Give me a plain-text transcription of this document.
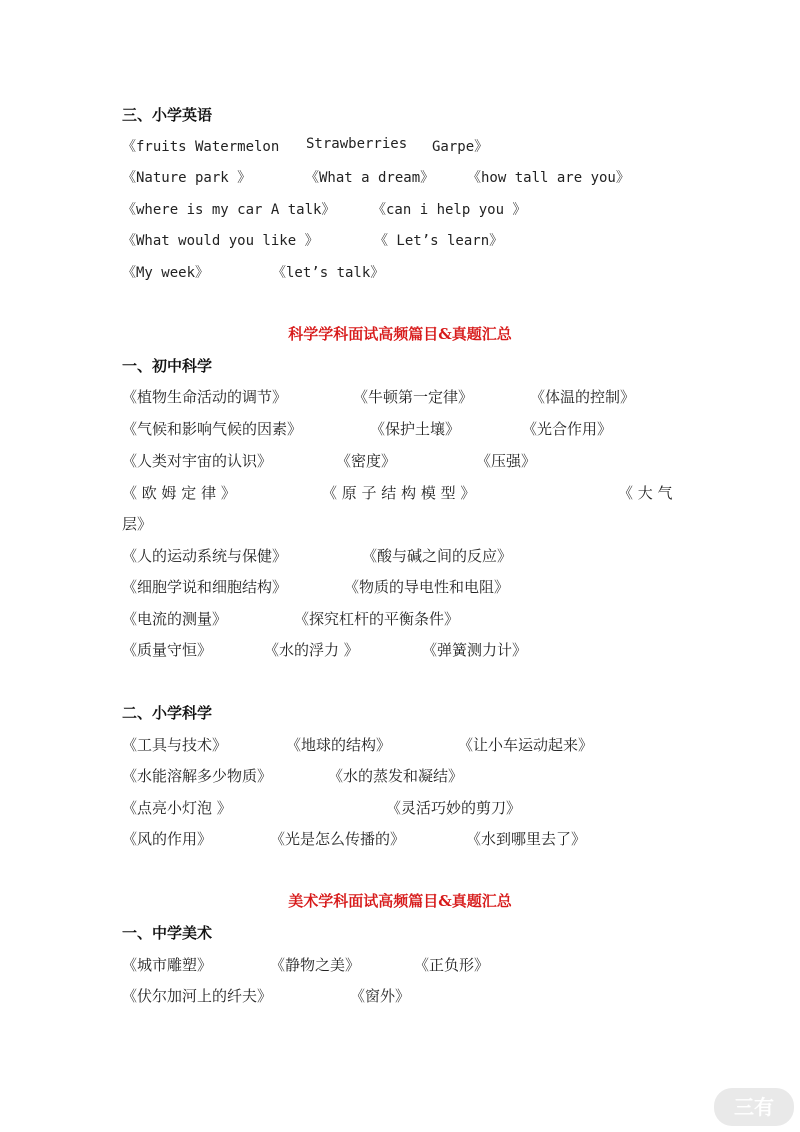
三、小学英语
《fruits Watermelon Strawberries Garpe》
《Nature park 》	《What a dream》 《how tall are you》
《where is my car A talk》	《can i help you 》
《What would you like 》	《 Let’s learn》
《My week》	《let’s talk》
科学学科面试高频篇目&真题汇总
一、初中科学
《植物生命活动的调节》	《牛顿第一定律》	《体温的控制》
《气候和影响气候的因素》	《保护土壤》	《光合作用》
《人类对宇宙的认识》	《密度》	《压强》
《 欧 姆 定 律 》	《 原 子 结 构 模 型 》	《 大 气
层》
《人的运动系统与保健》	《酸与碱之间的反应》
《细胞学说和细胞结构》	《物质的导电性和电阻》
《电流的测量》	《探究杠杆的平衡条件》
《质量守恒》	《水的浮力 》	《弹簧测力计》
二、小学科学
《工具与技术》	《地球的结构》	《让小车运动起来》
《水能溶解多少物质》	《水的蒸发和凝结》
《点亮小灯泡 》	《灵活巧妙的剪刀》
《风的作用》	《光是怎么传播的》	《水到哪里去了》
美术学科面试高频篇目&真题汇总
一、中学美术
《城市雕塑》	《静物之美》	《正负形》
《伏尔加河上的纤夫》	《窗外》
三有
